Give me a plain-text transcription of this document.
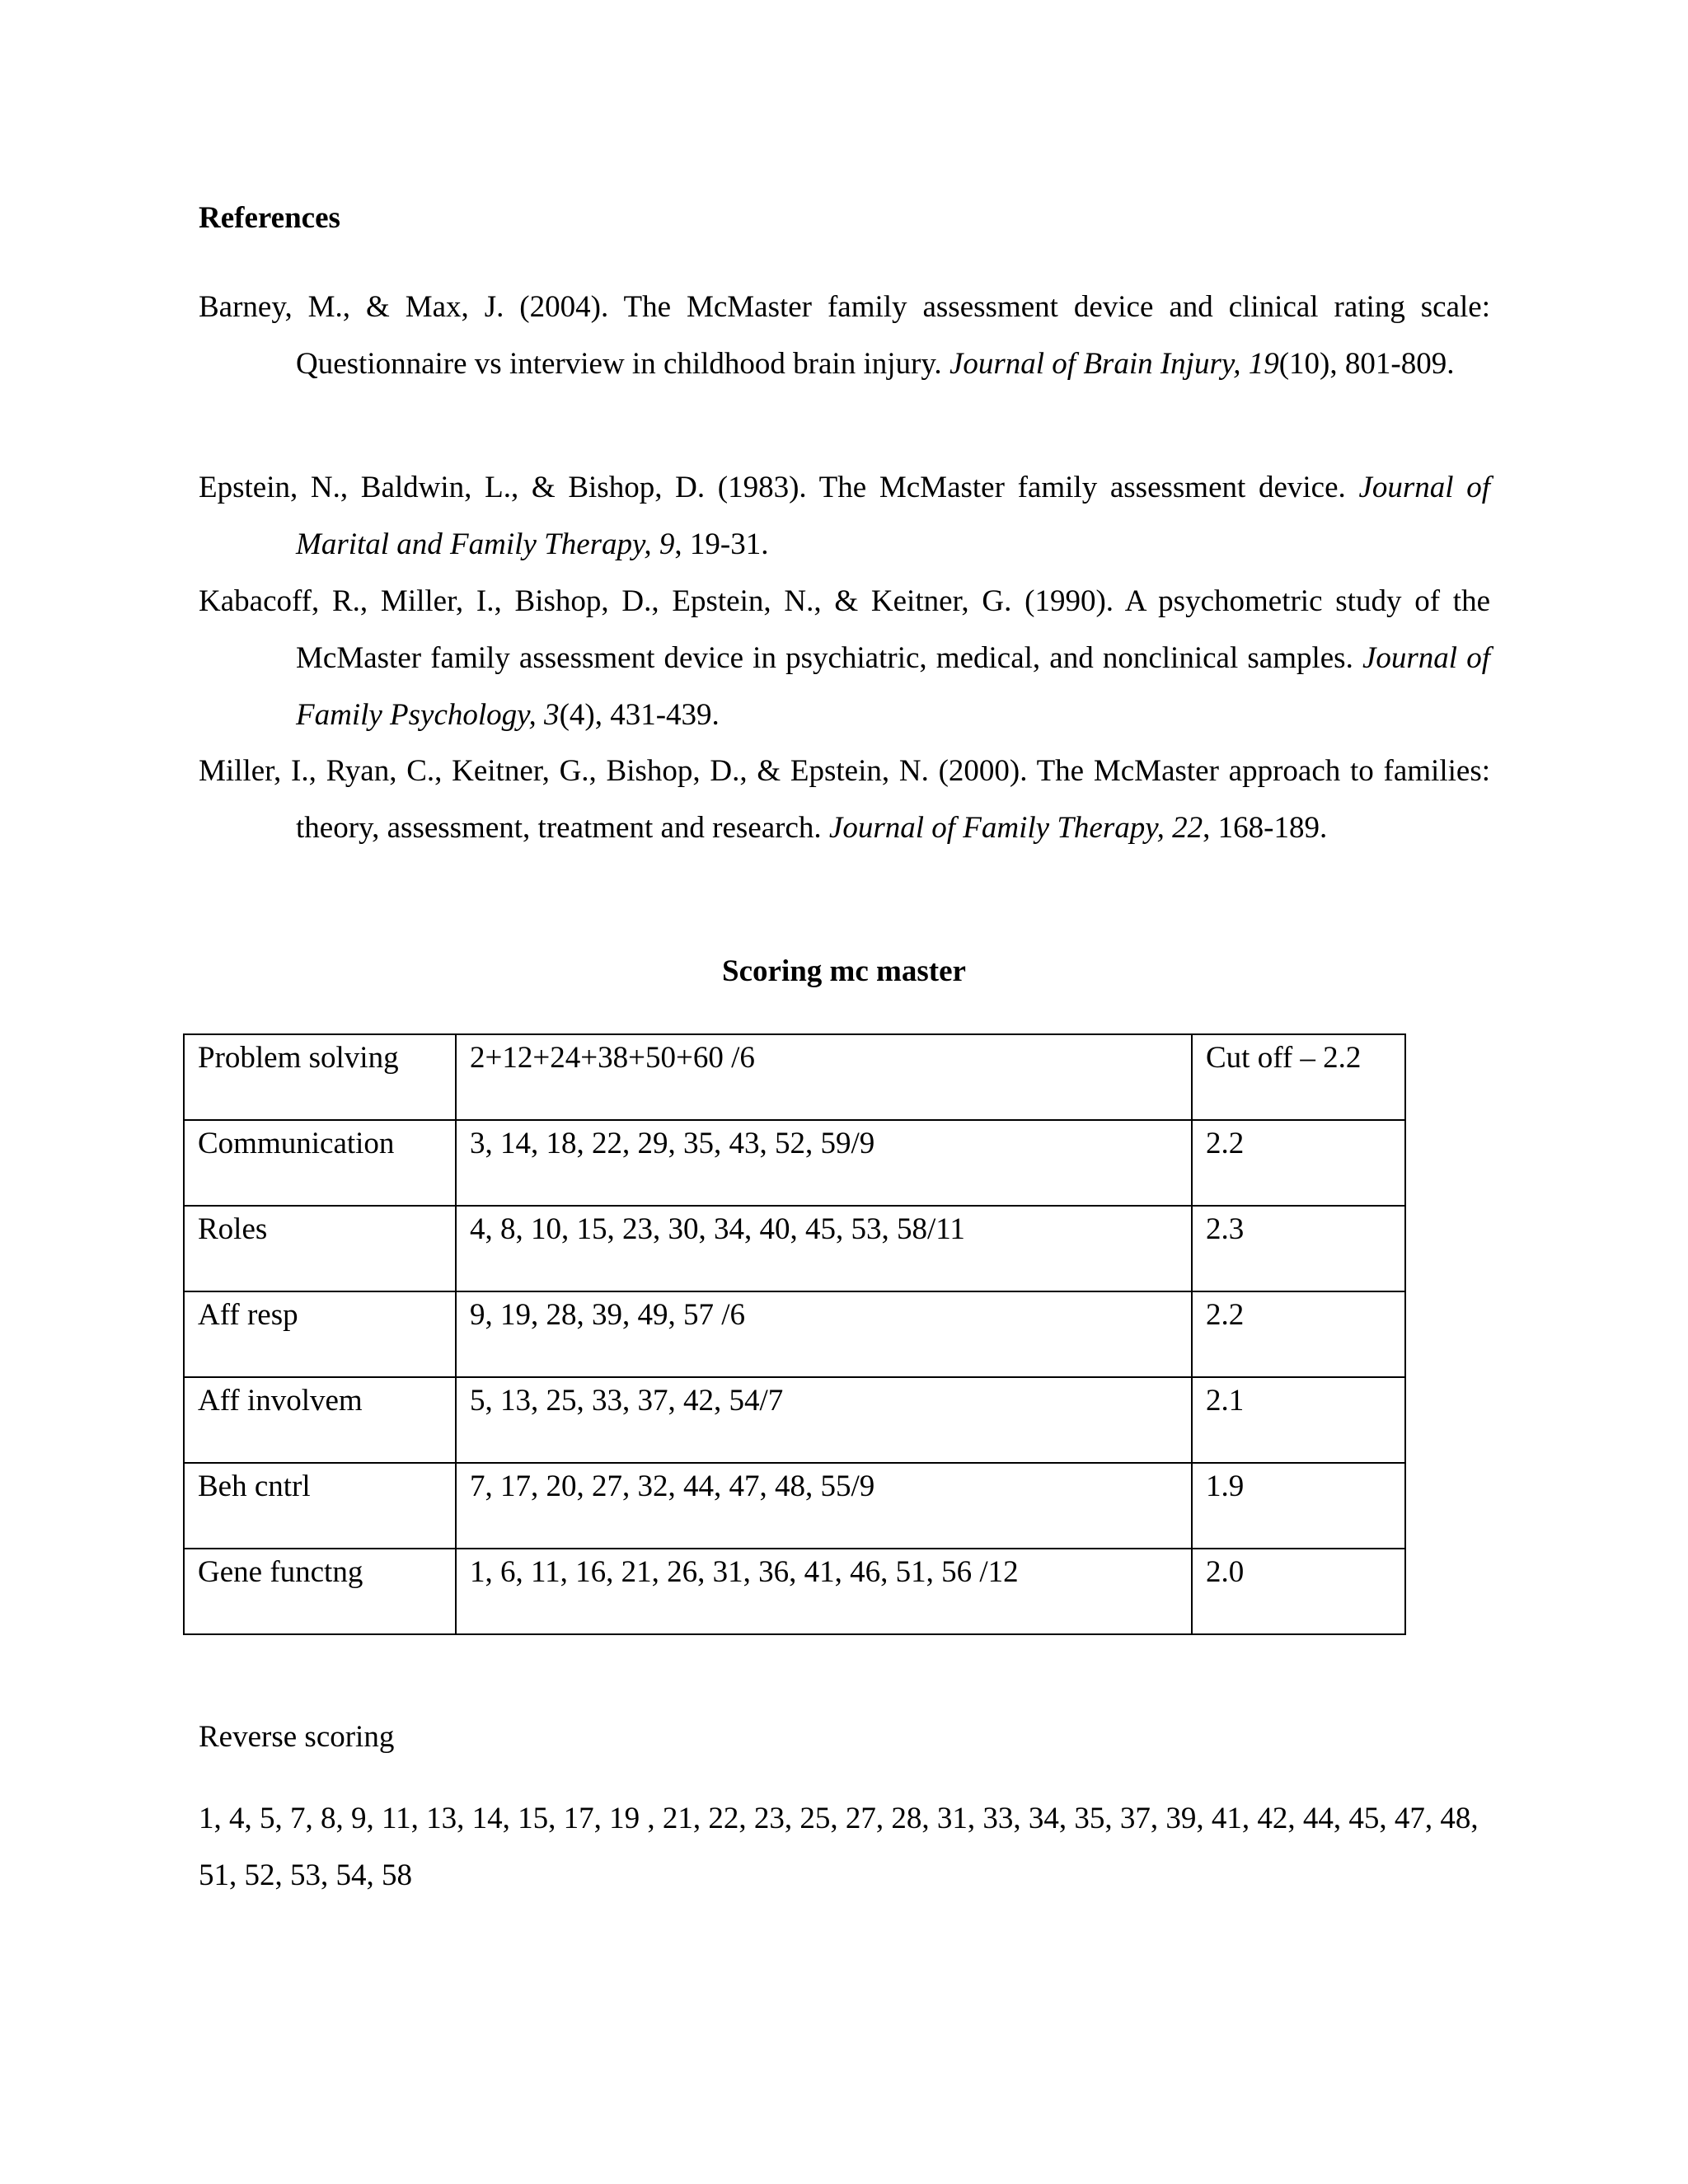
References

Barney, M., & Max, J. (2004). The McMaster family assessment device and clinical rating scale: Questionnaire vs interview in childhood brain injury. Journal of Brain Injury, 19(10), 801-809.

Epstein, N., Baldwin, L., & Bishop, D. (1983). The McMaster family assessment device. Journal of Marital and Family Therapy, 9, 19-31.

Kabacoff, R., Miller, I., Bishop, D., Epstein, N., & Keitner, G. (1990). A psychometric study of the McMaster family assessment device in psychiatric, medical, and nonclinical samples. Journal of Family Psychology, 3(4), 431-439.

Miller, I., Ryan, C., Keitner, G., Bishop, D., & Epstein, N. (2000). The McMaster approach to families: theory, assessment, treatment and research. Journal of Family Therapy, 22, 168-189.

Scoring mc master
Problem solving	2+12+24+38+50+60 /6	Cut off – 2.2
Communication	3, 14, 18, 22, 29, 35, 43, 52, 59/9	2.2
Roles	4, 8, 10, 15, 23, 30, 34, 40, 45, 53, 58/11	2.3
Aff resp	9, 19, 28, 39, 49, 57 /6	2.2
Aff involvem	5, 13, 25, 33, 37, 42, 54/7	2.1
Beh cntrl	7, 17, 20, 27, 32, 44, 47, 48, 55/9	1.9
Gene functng	1, 6, 11, 16, 21, 26, 31, 36, 41, 46, 51, 56 /12	2.0

Reverse scoring

1, 4, 5, 7, 8, 9, 11, 13, 14, 15, 17, 19 , 21, 22, 23, 25, 27, 28, 31, 33, 34, 35, 37, 39, 41, 42, 44, 45, 47, 48, 51, 52, 53, 54, 58
